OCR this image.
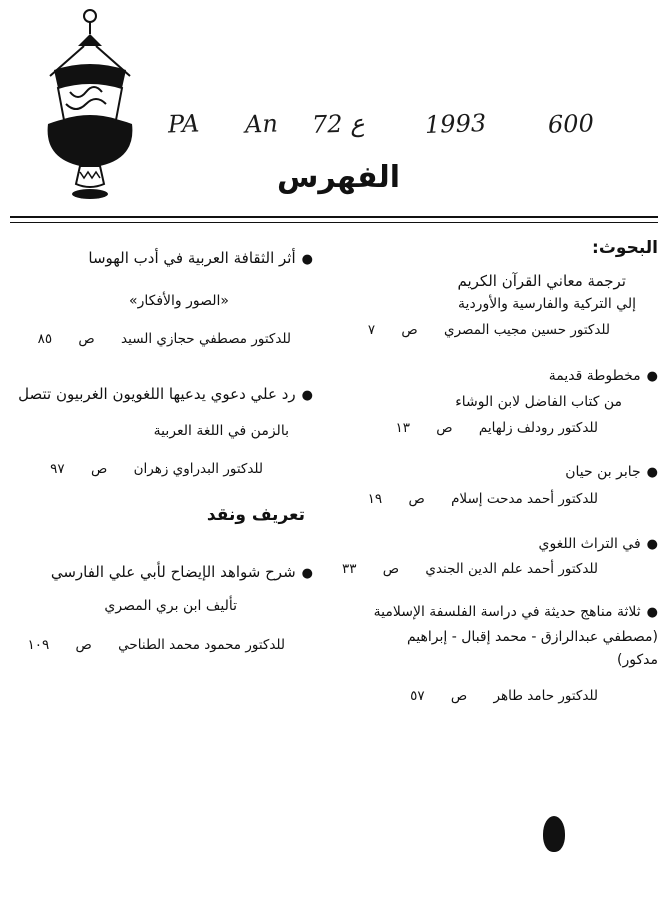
PA An 72 ع 1993	600
الفهرس
البحوث:
ترجمة معاني القرآن الكريم
إلي التركية والفارسية والأوردية
للدكتور حسين مجيب المصري ص ٧
● مخطوطة قديمة
من كتاب الفاضل لابن الوشاء
للدكتور رودلف زلهايم ص ١٣
● جابر بن حيان
للدكتور أحمد مدحت إسلام ص ١٩
● في التراث اللغوي
للدكتور أحمد علم الدين الجندي ص ٣٣
● ثلاثة مناهج حديثة في دراسة الفلسفة الإسلامية
(مصطفي عبدالرازق - محمد إقبال - إبراهيم
مدكور)
للدكتور حامد طاهر ص ٥٧
● أثر الثقافة العربية في أدب الهوسا
«الصور والأفكار»
للدكتور مصطفي حجازي السيد ص ٨٥
● رد علي دعوي يدعيها اللغويون الغربيون تتصل
بالزمن في اللغة العربية
للدكتور البدراوي زهران ص ٩٧
تعريف ونقد
● شرح شواهد الإيضاح لأبي علي الفارسي
تأليف ابن بري المصري
للدكتور محمود محمد الطناحي ص ١٠٩
